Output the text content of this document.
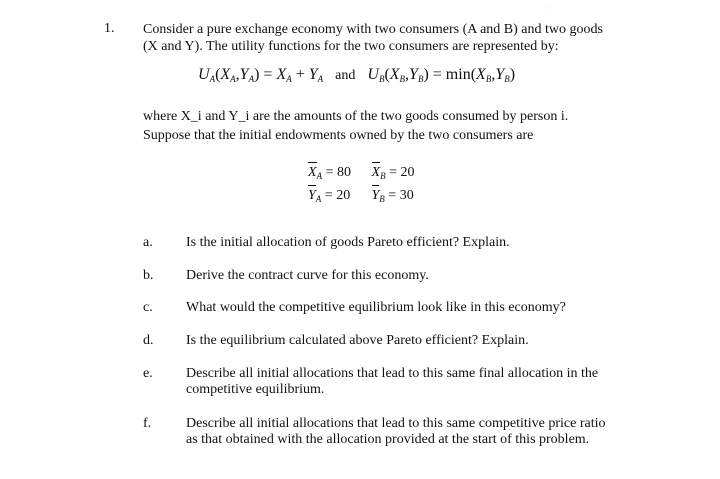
·
1. Consider a pure exchange economy with two consumers (A and B) and two goods (X and Y). The utility functions for the two consumers are represented by:
$U_A(X_A,Y_A) = X_A + Y_A$ and $U_B(X_B,Y_B) = \min(X_B,Y_B)$
where X_i and Y_i are the amounts of the two goods consumed by person i. Suppose that the initial endowments owned by the two consumers are
$X_A = 80$ $X_B = 20$
$Y_A = 20$ $Y_B = 30$
a. Is the initial allocation of goods Pareto efficient? Explain.
b. Derive the contract curve for this economy.
c. What would the competitive equilibrium look like in this economy?
d. Is the equilibrium calculated above Pareto efficient? Explain.
e. Describe all initial allocations that lead to this same final allocation in the competitive equilibrium.
f. Describe all initial allocations that lead to this same competitive price ratio as that obtained with the allocation provided at the start of this problem.
